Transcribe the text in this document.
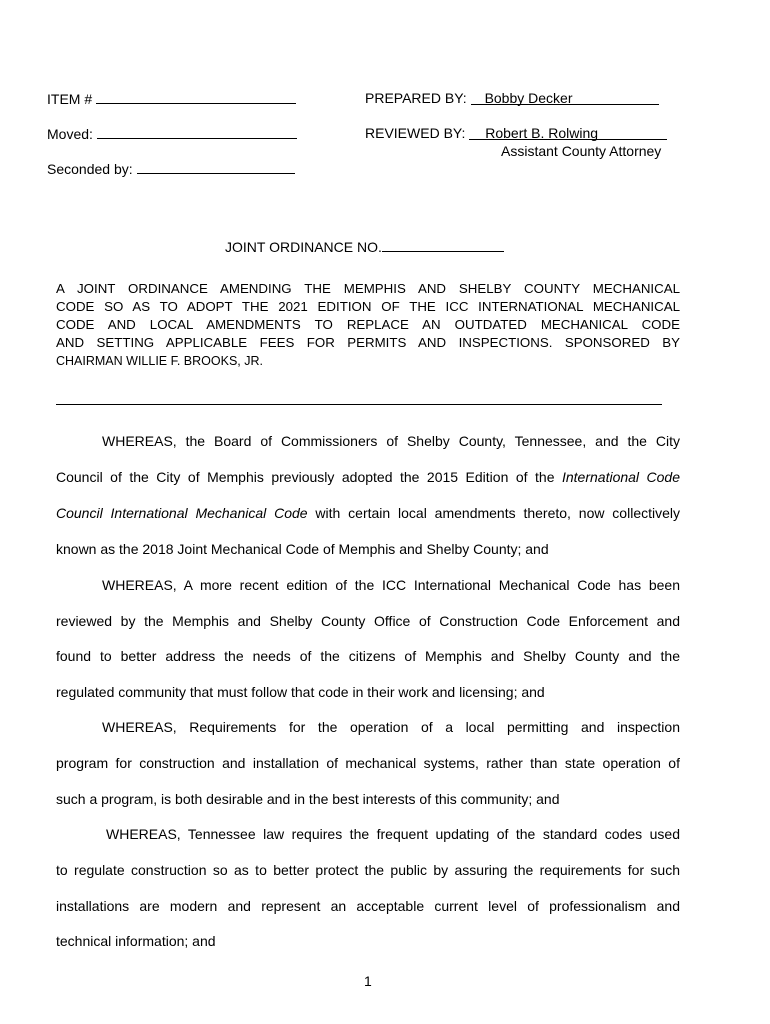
ITEM #
Moved:
Seconded by:
PREPARED BY: Bobby Decker
REVIEWED BY: Robert B. Rolwing
Assistant County Attorney
JOINT ORDINANCE NO.
A JOINT ORDINANCE AMENDING THE MEMPHIS AND SHELBY COUNTY MECHANICAL
CODE SO AS TO ADOPT THE 2021 EDITION OF THE ICC INTERNATIONAL MECHANICAL
CODE AND LOCAL AMENDMENTS TO REPLACE AN OUTDATED MECHANICAL CODE
AND SETTING APPLICABLE FEES FOR PERMITS AND INSPECTIONS. SPONSORED BY
CHAIRMAN WILLIE F. BROOKS, JR.
WHEREAS, the Board of Commissioners of Shelby County, Tennessee, and the City
Council of the City of Memphis previously adopted the 2015 Edition of the International Code
Council International Mechanical Code with certain local amendments thereto, now collectively
known as the 2018 Joint Mechanical Code of Memphis and Shelby County; and
WHEREAS, A more recent edition of the ICC International Mechanical Code has been
reviewed by the Memphis and Shelby County Office of Construction Code Enforcement and
found to better address the needs of the citizens of Memphis and Shelby County and the
regulated community that must follow that code in their work and licensing; and
WHEREAS, Requirements for the operation of a local permitting and inspection
program for construction and installation of mechanical systems, rather than state operation of
such a program, is both desirable and in the best interests of this community; and
WHEREAS, Tennessee law requires the frequent updating of the standard codes used
to regulate construction so as to better protect the public by assuring the requirements for such
installations are modern and represent an acceptable current level of professionalism and
technical information; and
1
